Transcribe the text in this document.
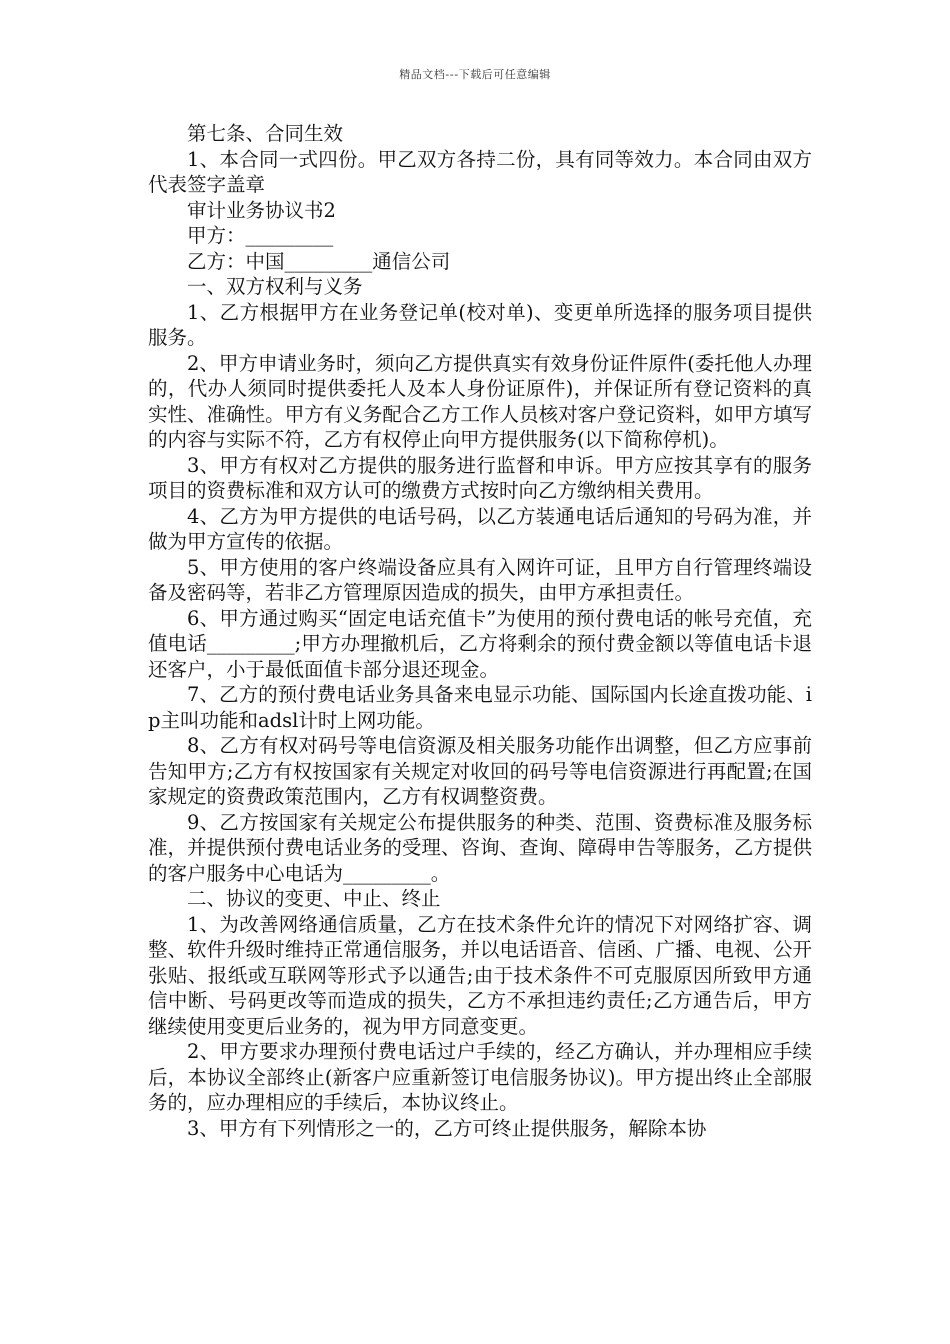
精品文档---下载后可任意编辑

第七条、合同生效

1、本合同一式四份。甲乙双方各持二份，具有同等效力。本合同由双方代表签字盖章

审计业务协议书2

甲方：_________

乙方：中国_________通信公司

一、双方权利与义务

1、乙方根据甲方在业务登记单(校对单)、变更单所选择的服务项目提供服务。

2、甲方申请业务时，须向乙方提供真实有效身份证件原件(委托他人办理的，代办人须同时提供委托人及本人身份证原件)，并保证所有登记资料的真实性、准确性。甲方有义务配合乙方工作人员核对客户登记资料，如甲方填写的内容与实际不符，乙方有权停止向甲方提供服务(以下简称停机)。

3、甲方有权对乙方提供的服务进行监督和申诉。甲方应按其享有的服务项目的资费标准和双方认可的缴费方式按时向乙方缴纳相关费用。

4、乙方为甲方提供的电话号码，以乙方装通电话后通知的号码为准，并做为甲方宣传的依据。

5、甲方使用的客户终端设备应具有入网许可证，且甲方自行管理终端设备及密码等，若非乙方管理原因造成的损失，由甲方承担责任。

6、甲方通过购买“固定电话充值卡”为使用的预付费电话的帐号充值，充值电话_________;甲方办理撤机后，乙方将剩余的预付费金额以等值电话卡退还客户，小于最低面值卡部分退还现金。

7、乙方的预付费电话业务具备来电显示功能、国际国内长途直拨功能、ip主叫功能和adsl计时上网功能。

8、乙方有权对码号等电信资源及相关服务功能作出调整，但乙方应事前告知甲方;乙方有权按国家有关规定对收回的码号等电信资源进行再配置;在国家规定的资费政策范围内，乙方有权调整资费。

9、乙方按国家有关规定公布提供服务的种类、范围、资费标准及服务标准，并提供预付费电话业务的受理、咨询、查询、障碍申告等服务，乙方提供的客户服务中心电话为_________。

二、协议的变更、中止、终止

1、为改善网络通信质量，乙方在技术条件允许的情况下对网络扩容、调整、软件升级时维持正常通信服务，并以电话语音、信函、广播、电视、公开张贴、报纸或互联网等形式予以通告;由于技术条件不可克服原因所致甲方通信中断、号码更改等而造成的损失，乙方不承担违约责任;乙方通告后，甲方继续使用变更后业务的，视为甲方同意变更。

2、甲方要求办理预付费电话过户手续的，经乙方确认，并办理相应手续后，本协议全部终止(新客户应重新签订电信服务协议)。甲方提出终止全部服务的，应办理相应的手续后，本协议终止。

3、甲方有下列情形之一的，乙方可终止提供服务，解除本协
